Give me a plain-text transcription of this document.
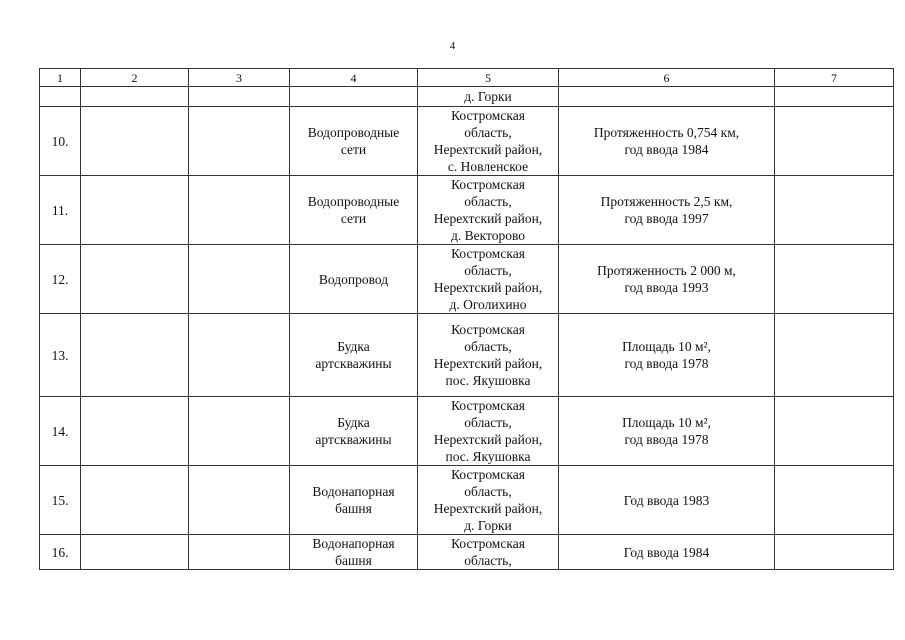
4
1	2	3	4	5	6	7
				д. Горки		
10.			Водопроводные
сети	Костромская
область,
Нерехтский район,
с. Новленское	Протяженность 0,754 км,
год ввода 1984	

11.			Водопроводные
сети	Костромская
область,
Нерехтский район,
д. Векторово	Протяженность 2,5 км,
год ввода 1997	

12.			Водопровод	Костромская
область,
Нерехтский район,
д. Оголихино	Протяженность 2 000 м,
год ввода 1993	

13.			Будка
артскважины	Костромская
область,
Нерехтский район,
пос. Якушовка	Площадь 10 м²,
год ввода 1978	

14.			Будка
артскважины	Костромская
область,
Нерехтский район,
пос. Якушовка	Площадь 10 м²,
год ввода 1978	

15.			Водонапорная
башня	Костромская
область,
Нерехтский район,
д. Горки	Год ввода 1983	

16.			Водонапорная
башня	Костромская
область,	Год ввода 1984	
